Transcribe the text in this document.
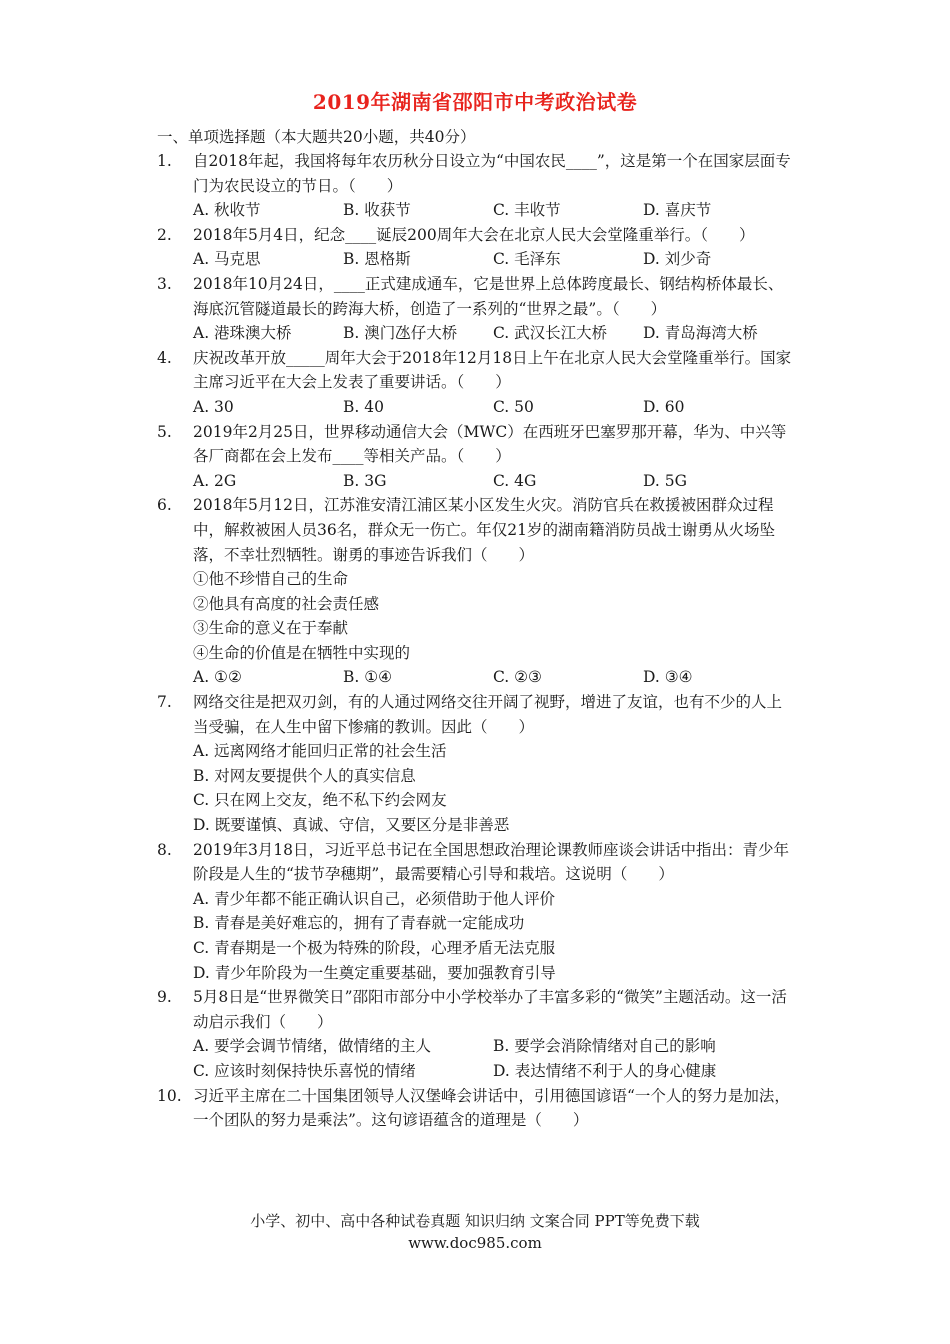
2019年湖南省邵阳市中考政治试卷
一、单项选择题（本大题共20小题，共40分）
1.	自2018年起，我国将每年农历秋分日设立为“中国农民____”，这是第一个在国家层面专门为农民设立的节日。（　　）
A. 秋收节	B. 收获节	C. 丰收节	D. 喜庆节
2.	2018年5月4日，纪念____诞辰200周年大会在北京人民大会堂隆重举行。（　　）
A. 马克思	B. 恩格斯	C. 毛泽东	D. 刘少奇
3.	2018年10月24日，____正式建成通车，它是世界上总体跨度最长、钢结构桥体最长、海底沉管隧道最长的跨海大桥，创造了一系列的“世界之最”。（　　）
A. 港珠澳大桥	B. 澳门氹仔大桥	C. 武汉长江大桥	D. 青岛海湾大桥
4.	庆祝改革开放_____周年大会于2018年12月18日上午在北京人民大会堂隆重举行。国家主席习近平在大会上发表了重要讲话。（　　）
A. 30	B. 40	C. 50	D. 60
5.	2019年2月25日，世界移动通信大会（MWC）在西班牙巴塞罗那开幕，华为、中兴等各厂商都在会上发布____等相关产品。（　　）
A. 2G	B. 3G	C. 4G	D. 5G
6.	2018年5月12日，江苏淮安清江浦区某小区发生火灾。消防官兵在救援被困群众过程中，解救被困人员36名，群众无一伤亡。年仅21岁的湖南籍消防员战士谢勇从火场坠落，不幸壮烈牺牲。谢勇的事迹告诉我们（　　）
①他不珍惜自己的生命
②他具有高度的社会责任感
③生命的意义在于奉献
④生命的价值是在牺牲中实现的
A. ①②	B. ①④	C. ②③	D. ③④
7.	网络交往是把双刃剑，有的人通过网络交往开阔了视野，增进了友谊，也有不少的人上当受骗，在人生中留下惨痛的教训。因此（　　）
A. 远离网络才能回归正常的社会生活
B. 对网友要提供个人的真实信息
C. 只在网上交友，绝不私下约会网友
D. 既要谨慎、真诚、守信，又要区分是非善恶
8.	2019年3月18日，习近平总书记在全国思想政治理论课教师座谈会讲话中指出：青少年阶段是人生的“拔节孕穗期”，最需要精心引导和栽培。这说明（　　）
A. 青少年都不能正确认识自己，必须借助于他人评价
B. 青春是美好难忘的，拥有了青春就一定能成功
C. 青春期是一个极为特殊的阶段，心理矛盾无法克服
D. 青少年阶段为一生奠定重要基础，要加强教育引导
9.	5月8日是“世界微笑日”邵阳市部分中小学校举办了丰富多彩的“微笑”主题活动。这一活动启示我们（　　）
A. 要学会调节情绪，做情绪的主人	B. 要学会消除情绪对自己的影响
C. 应该时刻保持快乐喜悦的情绪	D. 表达情绪不利于人的身心健康
10. 习近平主席在二十国集团领导人汉堡峰会讲话中，引用德国谚语“一个人的努力是加法，一个团队的努力是乘法”。这句谚语蕴含的道理是（　　）
小学、初中、高中各种试卷真题 知识归纳 文案合同 PPT等免费下载
www.doc985.com
